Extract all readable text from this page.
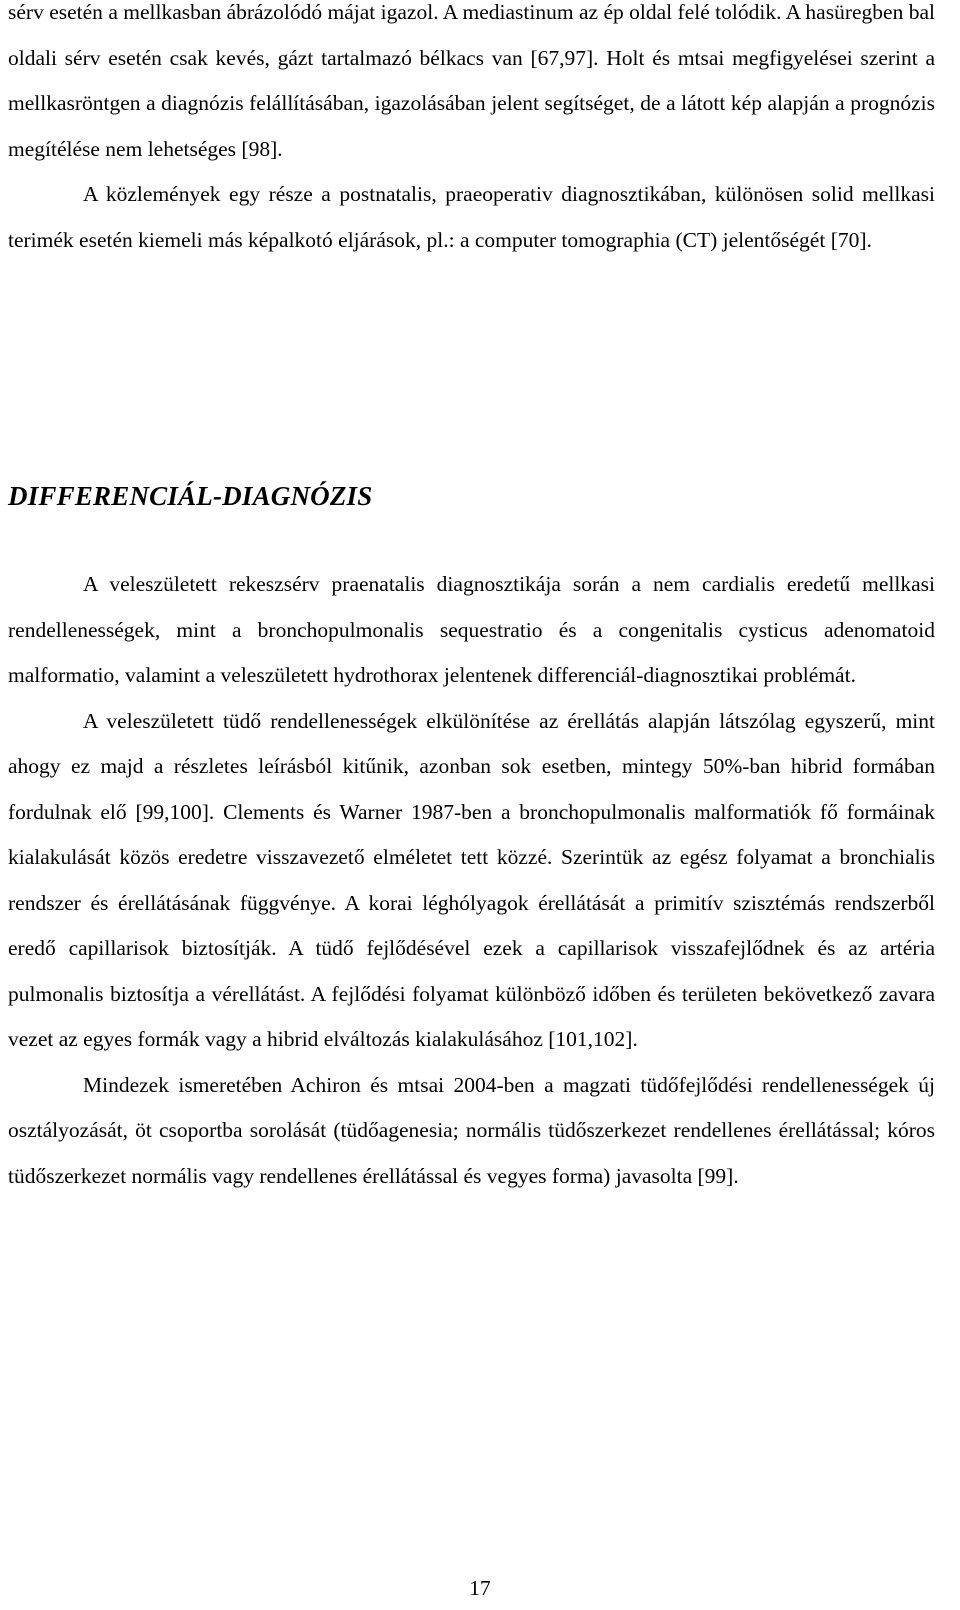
sérv esetén a mellkasban ábrázolódó májat igazol. A mediastinum az ép oldal felé tolódik. A hasüregben bal oldali sérv esetén csak kevés, gázt tartalmazó bélkacs van [67,97]. Holt és mtsai megfigyelései szerint a mellkasröntgen a diagnózis felállításában, igazolásában jelent segítséget, de a látott kép alapján a prognózis megítélése nem lehetséges [98].

A közlemények egy része a postnatalis, praeoperativ diagnosztikában, különösen solid mellkasi terimék esetén kiemeli más képalkotó eljárások, pl.: a computer tomographia (CT) jelentőségét [70].

DIFFERENCIÁL-DIAGNÓZIS

A veleszületett rekeszsérv praenatalis diagnosztikája során a nem cardialis eredetű mellkasi rendellenességek, mint a bronchopulmonalis sequestratio és a congenitalis cysticus adenomatoid malformatio, valamint a veleszületett hydrothorax jelentenek differenciál-diagnosztikai problémát.

A veleszületett tüdő rendellenességek elkülönítése az érellátás alapján látszólag egyszerű, mint ahogy ez majd a részletes leírásból kitűnik, azonban sok esetben, mintegy 50%-ban hibrid formában fordulnak elő [99,100]. Clements és Warner 1987-ben a bronchopulmonalis malformatiók fő formáinak kialakulását közös eredetre visszavezető elméletet tett közzé. Szerintük az egész folyamat a bronchialis rendszer és érellátásának függvénye. A korai léghólyagok érellátását a primitív szisztémás rendszerből eredő capillarisok biztosítják. A tüdő fejlődésével ezek a capillarisok visszafejlődnek és az artéria pulmonalis biztosítja a vérellátást. A fejlődési folyamat különböző időben és területen bekövetkező zavara vezet az egyes formák vagy a hibrid elváltozás kialakulásához [101,102].

Mindezek ismeretében Achiron és mtsai 2004-ben a magzati tüdőfejlődési rendellenességek új osztályozását, öt csoportba sorolását (tüdőagenesia; normális tüdőszerkezet rendellenes érellátással; kóros tüdőszerkezet normális vagy rendellenes érellátással és vegyes forma) javasolta [99].

17
